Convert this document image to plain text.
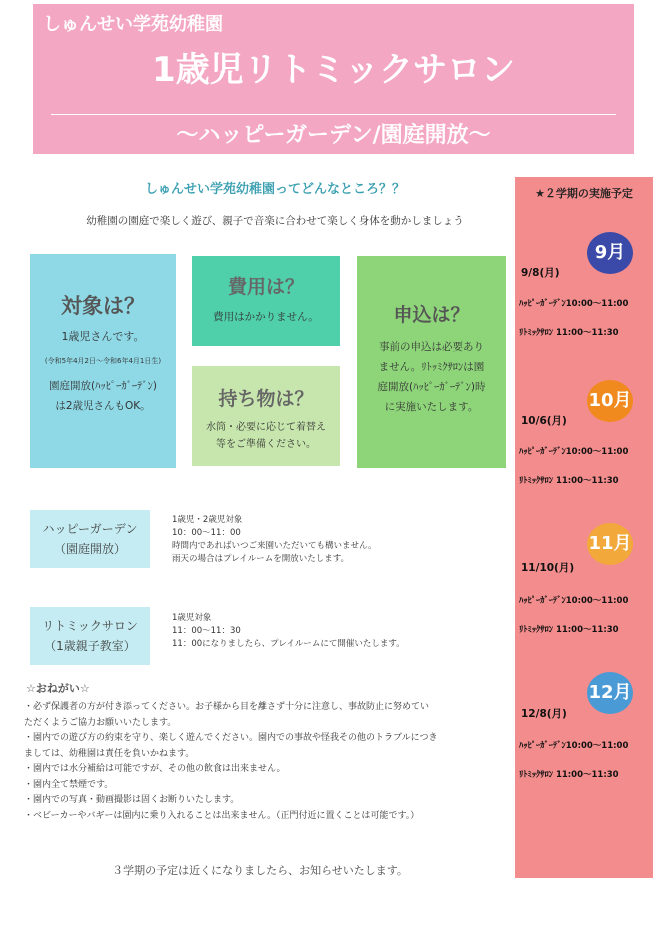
しゅんせい学苑幼稚園
1歳児リトミックサロン
〜ハッピーガーデン/園庭開放〜
しゅんせい学苑幼稚園ってどんなところ？？
幼稚園の園庭で楽しく遊び、親子で音楽に合わせて楽しく身体を動かしましょう
対象は？
1歳児さんです。
(令和5年4月2日〜令和6年4月1日生)
園庭開放(ﾊｯﾋﾟｰｶﾞｰﾃﾞﾝ)
は2歳児さんもOK。
費用は？
費用はかかりません。
持ち物は？
水筒・必要に応じて着替え
等をご準備ください。
申込は？
事前の申込は必要あり
ません。ﾘﾄｯﾐｸｻﾛﾝは園
庭開放(ﾊｯﾋﾟｰｶﾞｰﾃﾞﾝ)時
に実施いたします。
ハッピーガーデン
（園庭開放）
1歳児・2歳児対象
10：00〜11：00
時間内であればいつご来園いただいても構いません。
雨天の場合はプレイルームを開放いたします。
リトミックサロン
（1歳親子教室）
1歳児対象
11：00〜11：30
11：00になりましたら、プレイルームにて開催いたします。
☆おねがい☆
・必ず保護者の方が付き添ってください。お子様から目を離さず十分に注意し、事故防止に努めてい
ただくようご協力お願いいたします。
・園内での遊び方の約束を守り、楽しく遊んでください。園内での事故や怪我その他のトラブルにつき
ましては、幼稚園は責任を負いかねます。
・園内では水分補給は可能ですが、その他の飲食は出来ません。
・園内全て禁煙です。
・園内での写真・動画撮影は固くお断りいたします。
・ベビーカーやバギーは園内に乗り入れることは出来ません。（正門付近に置くことは可能です。）
３学期の予定は近くになりましたら、お知らせいたします。
★２学期の実施予定
9月
9/8(月)
ﾊｯﾋﾟｰｶﾞｰﾃﾞﾝ10:00〜11:00
ﾘﾄﾐｯｸｻﾛﾝ 11:00〜11:30
10月
10/6(月)
ﾊｯﾋﾟｰｶﾞｰﾃﾞﾝ10:00〜11:00
ﾘﾄﾐｯｸｻﾛﾝ 11:00〜11:30
11月
11/10(月)
ﾊｯﾋﾟｰｶﾞｰﾃﾞﾝ10:00〜11:00
ﾘﾄﾐｯｸｻﾛﾝ 11:00〜11:30
12月
12/8(月)
ﾊｯﾋﾟｰｶﾞｰﾃﾞﾝ10:00〜11:00
ﾘﾄﾐｯｸｻﾛﾝ 11:00〜11:30
